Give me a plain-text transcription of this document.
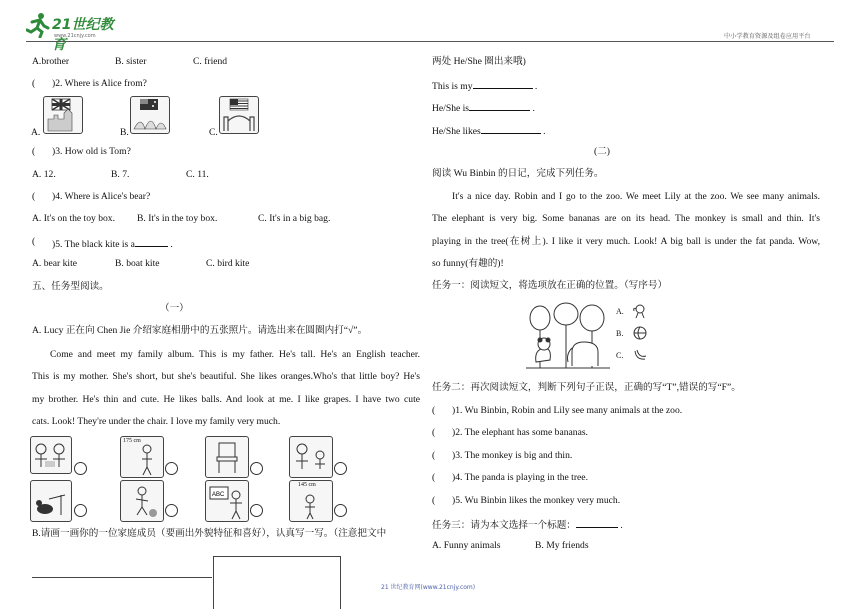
21世纪教育
www.21cnjy.com	中小学教育资源及组卷应用平台
A.brother	B. sister	C. friend
( )2. Where is Alice from?
A.	B.	C.
( )3. How old is Tom?
A. 12.	B. 7.	C. 11.
( )4. Where is Alice's bear?
A. It's on the toy box. B. It's in the toy box.	C. It's in a big bag.
( )5. The black kite is a	.
A. bear kite	B. boat kite	C. bird kite
五、任务型阅读。
（一）
A. Lucy 正在向 Chen Jie 介绍家庭相册中的五张照片。请选出来在圆圈内打“√”。
Come and meet my family album. This is my father. He's tall. He's an English teacher.
This is my mother. She's short, but she's beautiful. She likes oranges.Who's that little boy? He's
my brother. He's thin and cute. He likes balls. And look at me. I like grapes. I have two cute
cats. Look! They're under the chair. I love my family very much.
175 cm
ABC
145 cm
B.请画一画你的一位家庭成员（要画出外貌特征和喜好），认真写一写。（注意把文中
两处 He/She 圈出来哦)
This is my	.
He/She is	.
He/She likes	.
(二)
阅读 Wu Binbin 的日记，完成下列任务。
It's a nice day. Robin and I go to the zoo. We meet Lily at the zoo. We see many animals.
The elephant is very big. Some bananas are on its head. The monkey is small and thin. It's
playing in the tree(在树上). I like it very much. Look! A big ball is under the fat panda. Wow,
so funny(有趣的)!
任务一：阅读短文，将选项放在正确的位置。（写序号）
A.
B.
C.
任务二：再次阅读短文，判断下列句子正误，正确的写“T”,错误的写“F”。
( )1. Wu Binbin, Robin and Lily see many animals at the zoo.
( )2. The elephant has some bananas.
( )3. The monkey is big and thin.
( )4. The panda is playing in the tree.
( )5. Wu Binbin likes the monkey very much.
任务三：请为本文选择一个标题：	.
A. Funny animals	B. My friends
21 世纪教育网(www.21cnjy.com)
